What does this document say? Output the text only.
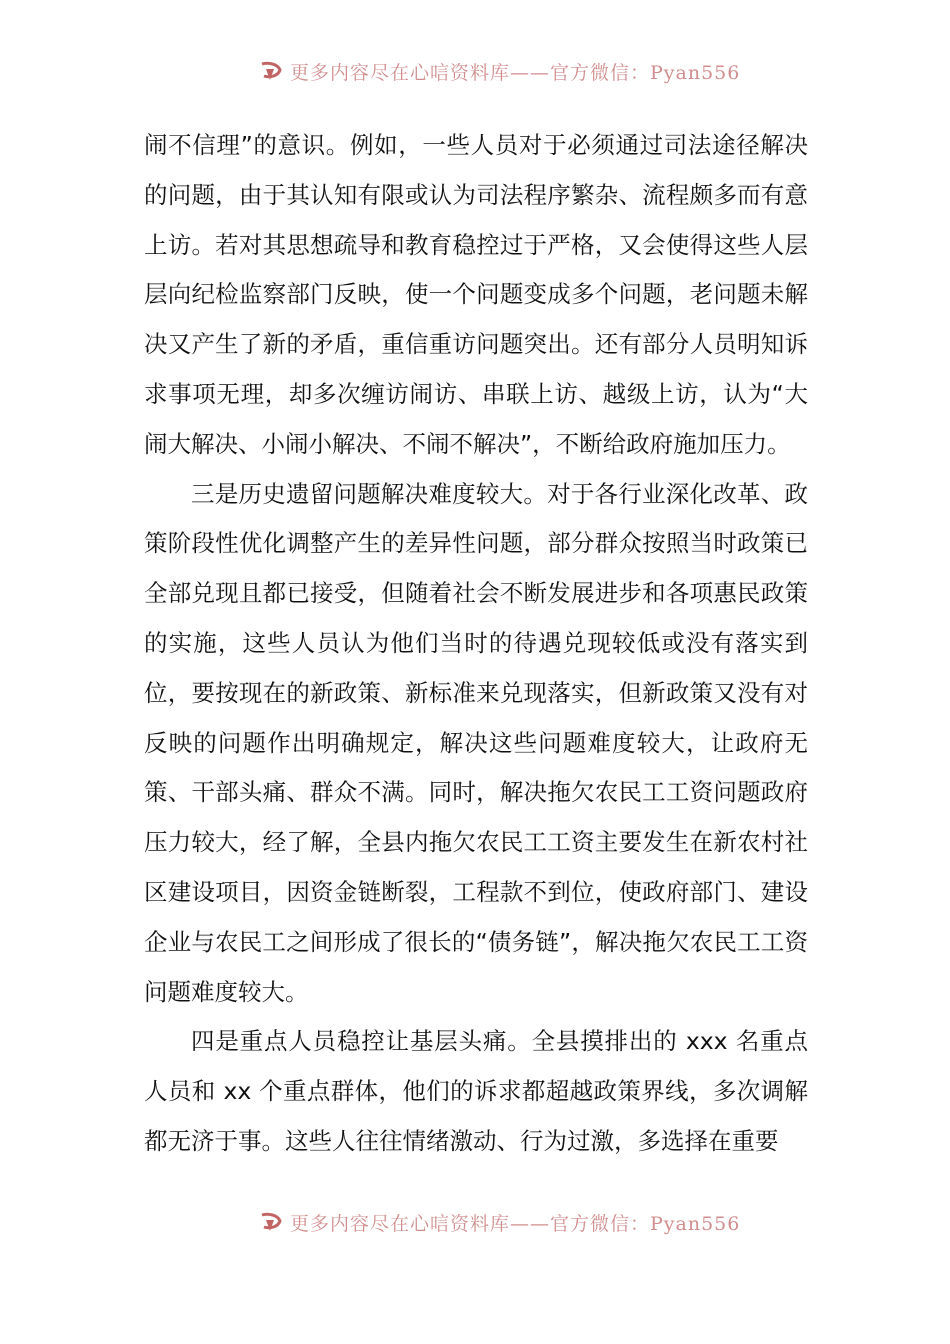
更多内容尽在心唁资料库——官方微信：Pyan556

闹不信理”的意识。例如，一些人员对于必须通过司法途径解决的问题，由于其认知有限或认为司法程序繁杂、流程颇多而有意上访。若对其思想疏导和教育稳控过于严格，又会使得这些人层层向纪检监察部门反映，使一个问题变成多个问题，老问题未解决又产生了新的矛盾，重信重访问题突出。还有部分人员明知诉求事项无理，却多次缠访闹访、串联上访、越级上访，认为“大闹大解决、小闹小解决、不闹不解决”，不断给政府施加压力。

三是历史遗留问题解决难度较大。对于各行业深化改革、政策阶段性优化调整产生的差异性问题，部分群众按照当时政策已全部兑现且都已接受，但随着社会不断发展进步和各项惠民政策的实施，这些人员认为他们当时的待遇兑现较低或没有落实到位，要按现在的新政策、新标准来兑现落实，但新政策又没有对反映的问题作出明确规定，解决这些问题难度较大，让政府无策、干部头痛、群众不满。同时，解决拖欠农民工工资问题政府压力较大，经了解，全县内拖欠农民工工资主要发生在新农村社区建设项目，因资金链断裂，工程款不到位，使政府部门、建设企业与农民工之间形成了很长的“债务链”，解决拖欠农民工工资问题难度较大。

四是重点人员稳控让基层头痛。全县摸排出的 xxx 名重点人员和 xx 个重点群体，他们的诉求都超越政策界线，多次调解都无济于事。这些人往往情绪激动、行为过激，多选择在重要

更多内容尽在心唁资料库——官方微信：Pyan556
